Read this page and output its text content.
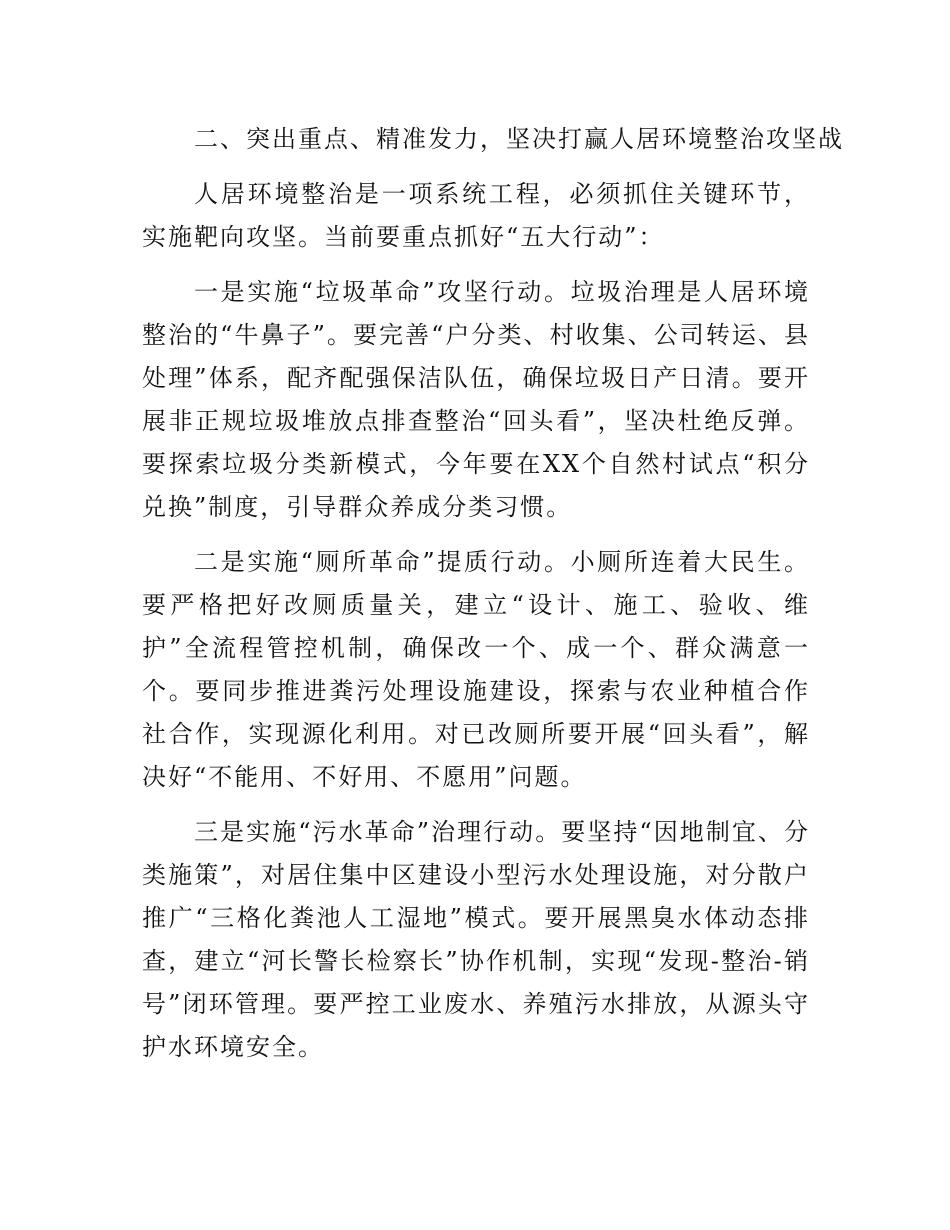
二、突出重点、精准发力，坚决打赢人居环境整治攻坚战

人居环境整治是一项系统工程，必须抓住关键环节，实施靶向攻坚。当前要重点抓好“五大行动”：

一是实施“垃圾革命”攻坚行动。垃圾治理是人居环境整治的“牛鼻子”。要完善“户分类、村收集、公司转运、县处理”体系，配齐配强保洁队伍，确保垃圾日产日清。要开展非正规垃圾堆放点排查整治“回头看”，坚决杜绝反弹。要探索垃圾分类新模式，今年要在XX个自然村试点“积分兑换”制度，引导群众养成分类习惯。

二是实施“厕所革命”提质行动。小厕所连着大民生。要严格把好改厕质量关，建立“设计、施工、验收、维护”全流程管控机制，确保改一个、成一个、群众满意一个。要同步推进粪污处理设施建设，探索与农业种植合作社合作，实现源化利用。对已改厕所要开展“回头看”，解决好“不能用、不好用、不愿用”问题。

三是实施“污水革命”治理行动。要坚持“因地制宜、分类施策”，对居住集中区建设小型污水处理设施，对分散户推广“三格化粪池人工湿地”模式。要开展黑臭水体动态排查，建立“河长警长检察长”协作机制，实现“发现-整治-销号”闭环管理。要严控工业废水、养殖污水排放，从源头守护水环境安全。
